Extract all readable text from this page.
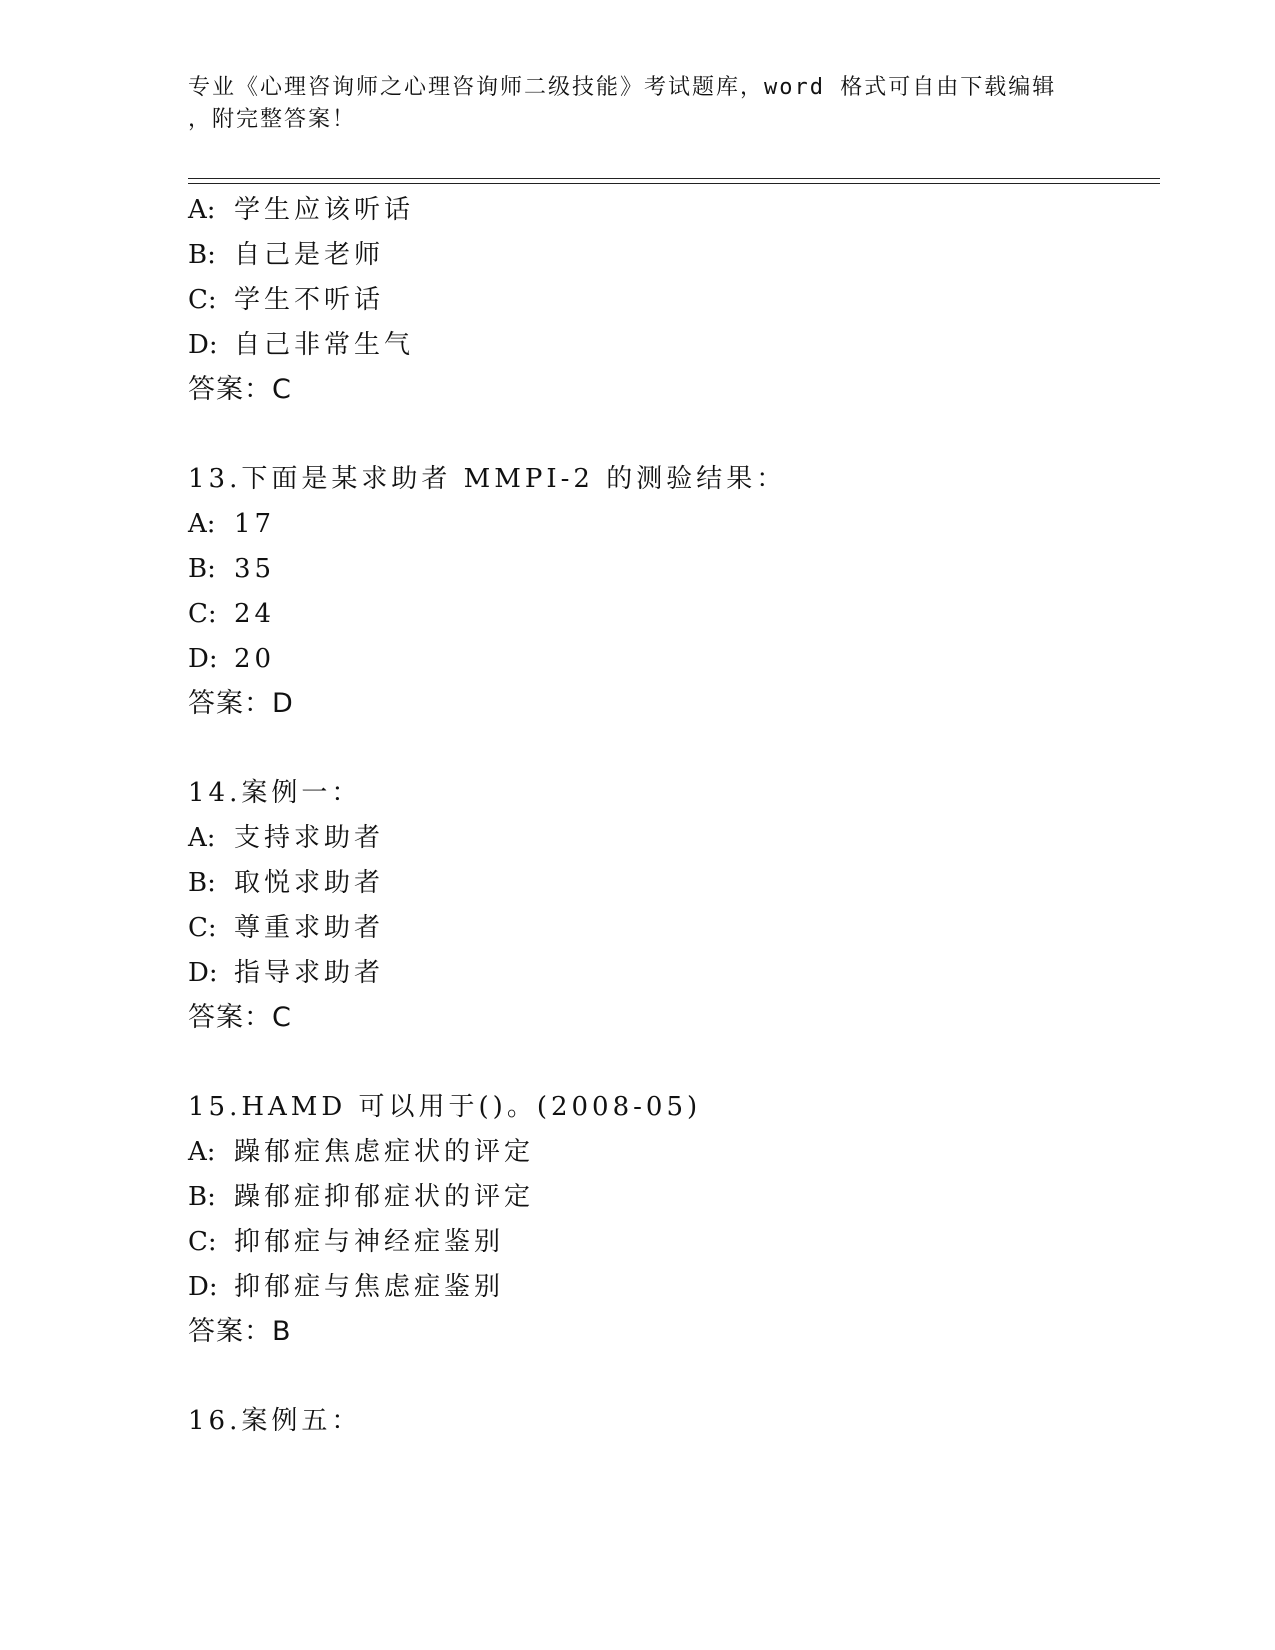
专业《心理咨询师之心理咨询师二级技能》考试题库，word 格式可自由下载编辑
，附完整答案！
A: 学生应该听话
B: 自己是老师
C: 学生不听话
D: 自己非常生气
答案：C
13.下面是某求助者 MMPI-2 的测验结果：
A: 17
B: 35
C: 24
D: 20
答案：D
14.案例一：
A: 支持求助者
B: 取悦求助者
C: 尊重求助者
D: 指导求助者
答案：C
15.HAMD 可以用于()。(2008-05)
A: 躁郁症焦虑症状的评定
B: 躁郁症抑郁症状的评定
C: 抑郁症与神经症鉴别
D: 抑郁症与焦虑症鉴别
答案：B
16.案例五：
